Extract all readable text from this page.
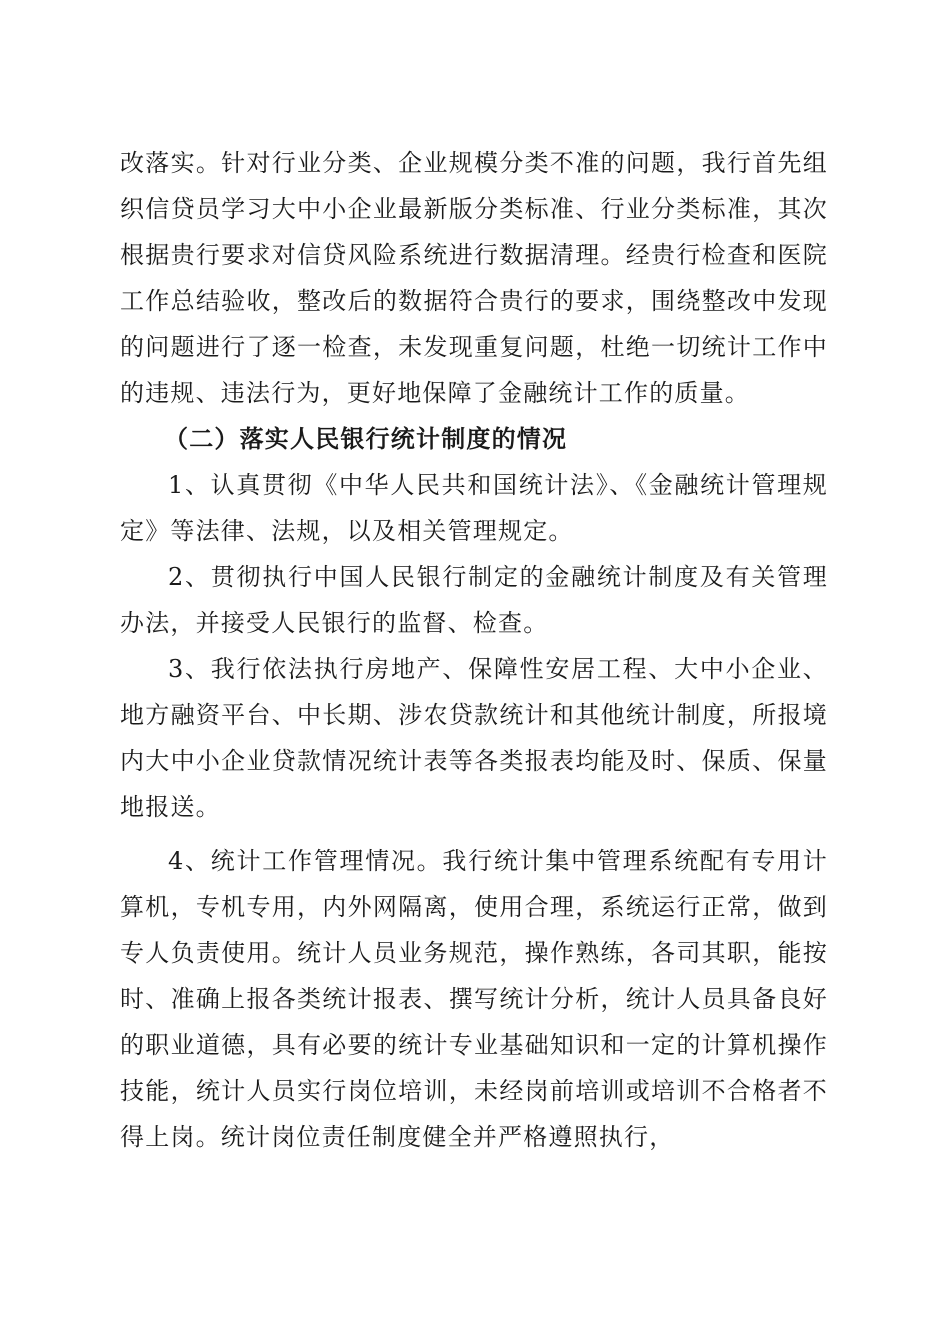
改落实。针对行业分类、企业规模分类不准的问题，我行首先组织信贷员学习大中小企业最新版分类标准、行业分类标准，其次根据贵行要求对信贷风险系统进行数据清理。经贵行检查和医院工作总结验收，整改后的数据符合贵行的要求，围绕整改中发现的问题进行了逐一检查，未发现重复问题，杜绝一切统计工作中的违规、违法行为，更好地保障了金融统计工作的质量。

（二）落实人民银行统计制度的情况

1、认真贯彻《中华人民共和国统计法》、《金融统计管理规定》等法律、法规，以及相关管理规定。

2、贯彻执行中国人民银行制定的金融统计制度及有关管理办法，并接受人民银行的监督、检查。

3、我行依法执行房地产、保障性安居工程、大中小企业、地方融资平台、中长期、涉农贷款统计和其他统计制度，所报境内大中小企业贷款情况统计表等各类报表均能及时、保质、保量地报送。

4、统计工作管理情况。我行统计集中管理系统配有专用计算机，专机专用，内外网隔离，使用合理，系统运行正常，做到专人负责使用。统计人员业务规范，操作熟练，各司其职，能按时、准确上报各类统计报表、撰写统计分析，统计人员具备良好的职业道德，具有必要的统计专业基础知识和一定的计算机操作技能，统计人员实行岗位培训，未经岗前培训或培训不合格者不得上岗。统计岗位责任制度健全并严格遵照执行，
